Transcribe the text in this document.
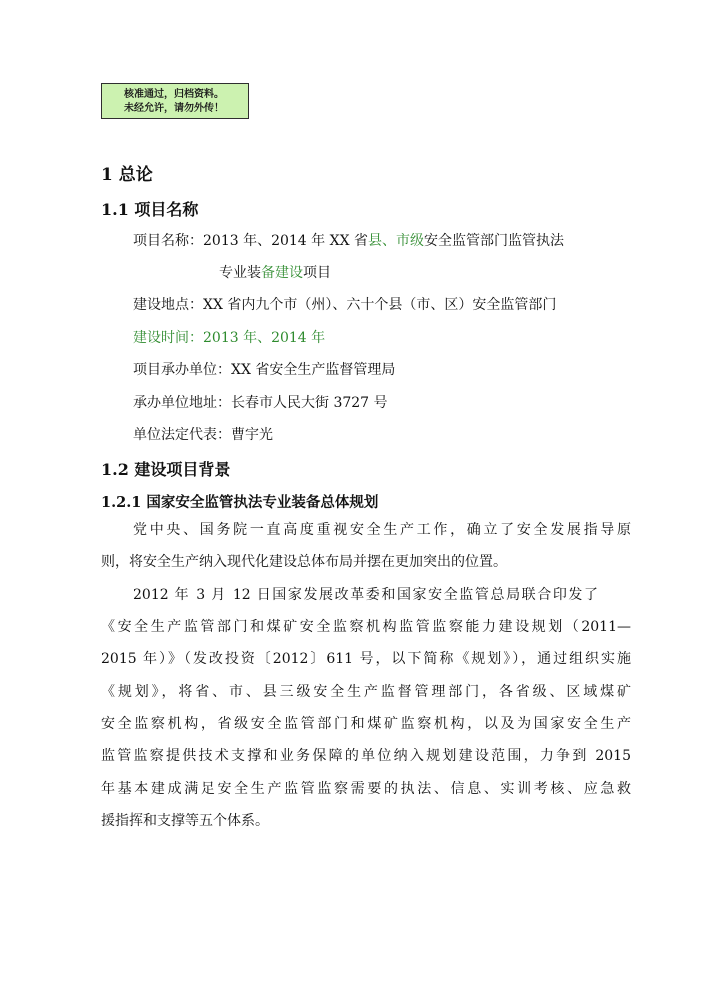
核准通过，归档资料。
未经允许，请勿外传！
1 总论
1.1 项目名称
项目名称：2013 年、2014 年 XX 省县、市级安全监管部门监管执法
专业装备建设项目
建设地点：XX 省内九个市（州）、六十个县（市、区）安全监管部门
建设时间：2013 年、2014 年
项目承办单位：XX 省安全生产监督管理局
承办单位地址：长春市人民大街 3727 号
单位法定代表：曹宇光
1.2 建设项目背景
1.2.1 国家安全监管执法专业装备总体规划
党中央、国务院一直高度重视安全生产工作，确立了安全发展指导原
则，将安全生产纳入现代化建设总体布局并摆在更加突出的位置。
2012 年 3 月 12 日国家发展改革委和国家安全监管总局联合印发了
《安全生产监管部门和煤矿安全监察机构监管监察能力建设规划（2011—
2015 年）》（发改投资〔2012〕611 号，以下简称《规划》），通过组织实施
《规划》，将省、市、县三级安全生产监督管理部门，各省级、区域煤矿
安全监察机构，省级安全监管部门和煤矿监察机构，以及为国家安全生产
监管监察提供技术支撑和业务保障的单位纳入规划建设范围，力争到 2015
年基本建成满足安全生产监管监察需要的执法、信息、实训考核、应急救
援指挥和支撑等五个体系。
